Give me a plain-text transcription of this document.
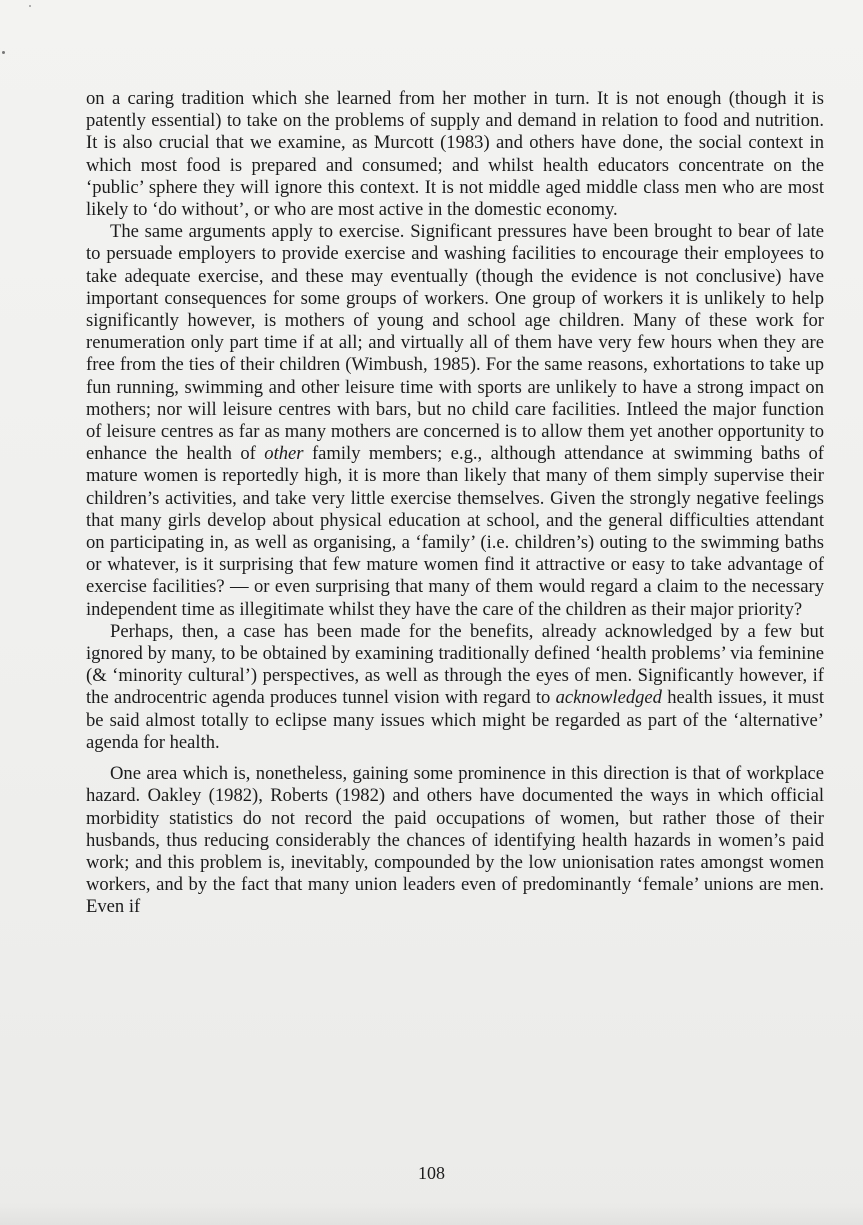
on a caring tradition which she learned from her mother in turn. It is not enough (though it is patently essential) to take on the problems of supply and demand in relation to food and nutrition. It is also crucial that we examine, as Murcott (1983) and others have done, the social context in which most food is prepared and consumed; and whilst health educators concentrate on the ‘public’ sphere they will ignore this context. It is not middle aged middle class men who are most likely to ‘do without’, or who are most active in the domestic economy.

The same arguments apply to exercise. Significant pressures have been brought to bear of late to persuade employers to provide exercise and washing facilities to encourage their employees to take adequate exercise, and these may eventually (though the evidence is not conclusive) have important consequences for some groups of workers. One group of workers it is unlikely to help significantly however, is mothers of young and school age children. Many of these work for renumeration only part time if at all; and virtually all of them have very few hours when they are free from the ties of their children (Wimbush, 1985). For the same reasons, exhortations to take up fun running, swimming and other leisure time with sports are unlikely to have a strong impact on mothers; nor will leisure centres with bars, but no child care facilities. Intleed the major function of leisure centres as far as many mothers are concerned is to allow them yet another opportunity to enhance the health of other family members; e.g., although attendance at swimming baths of mature women is reportedly high, it is more than likely that many of them simply supervise their children’s activities, and take very little exercise themselves. Given the strongly negative feelings that many girls develop about physical education at school, and the general difficulties attendant on participating in, as well as organising, a ‘family’ (i.e. children’s) outing to the swimming baths or whatever, is it surprising that few mature women find it attractive or easy to take advantage of exercise facilities? — or even surprising that many of them would regard a claim to the necessary independent time as illegitimate whilst they have the care of the children as their major priority?

Perhaps, then, a case has been made for the benefits, already acknowledged by a few but ignored by many, to be obtained by examining traditionally defined ‘health problems’ via feminine (& ‘minority cultural’) perspectives, as well as through the eyes of men. Significantly however, if the androcentric agenda produces tunnel vision with regard to acknowledged health issues, it must be said almost totally to eclipse many issues which might be regarded as part of the ‘alternative’ agenda for health.

One area which is, nonetheless, gaining some prominence in this direction is that of workplace hazard. Oakley (1982), Roberts (1982) and others have documented the ways in which official morbidity statistics do not record the paid occupations of women, but rather those of their husbands, thus reducing considerably the chances of identifying health hazards in women’s paid work; and this problem is, inevitably, compounded by the low unionisation rates amongst women workers, and by the fact that many union leaders even of predominantly ‘female’ unions are men. Even if

108
